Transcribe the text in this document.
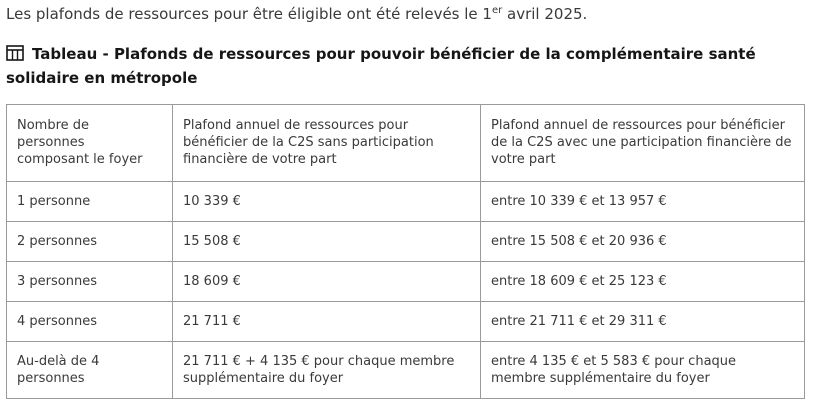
Les plafonds de ressources pour être éligible ont été relevés le 1er avril 2025.

Tableau - Plafonds de ressources pour pouvoir bénéficier de la complémentaire santé solidaire en métropole
Nombre de personnes composant le foyer	Plafond annuel de ressources pour bénéficier de la C2S sans participation financière de votre part	Plafond annuel de ressources pour bénéficier de la C2S avec une participation financière de votre part
1 personne	10 339 €	entre 10 339 € et 13 957 €
2 personnes	15 508 €	entre 15 508 € et 20 936 €
3 personnes	18 609 €	entre 18 609 € et 25 123 €
4 personnes	21 711 €	entre 21 711 € et 29 311 €
Au-delà de 4 personnes	21 711 € + 4 135 € pour chaque membre supplémentaire du foyer	entre 4 135 € et 5 583 € pour chaque membre supplémentaire du foyer
